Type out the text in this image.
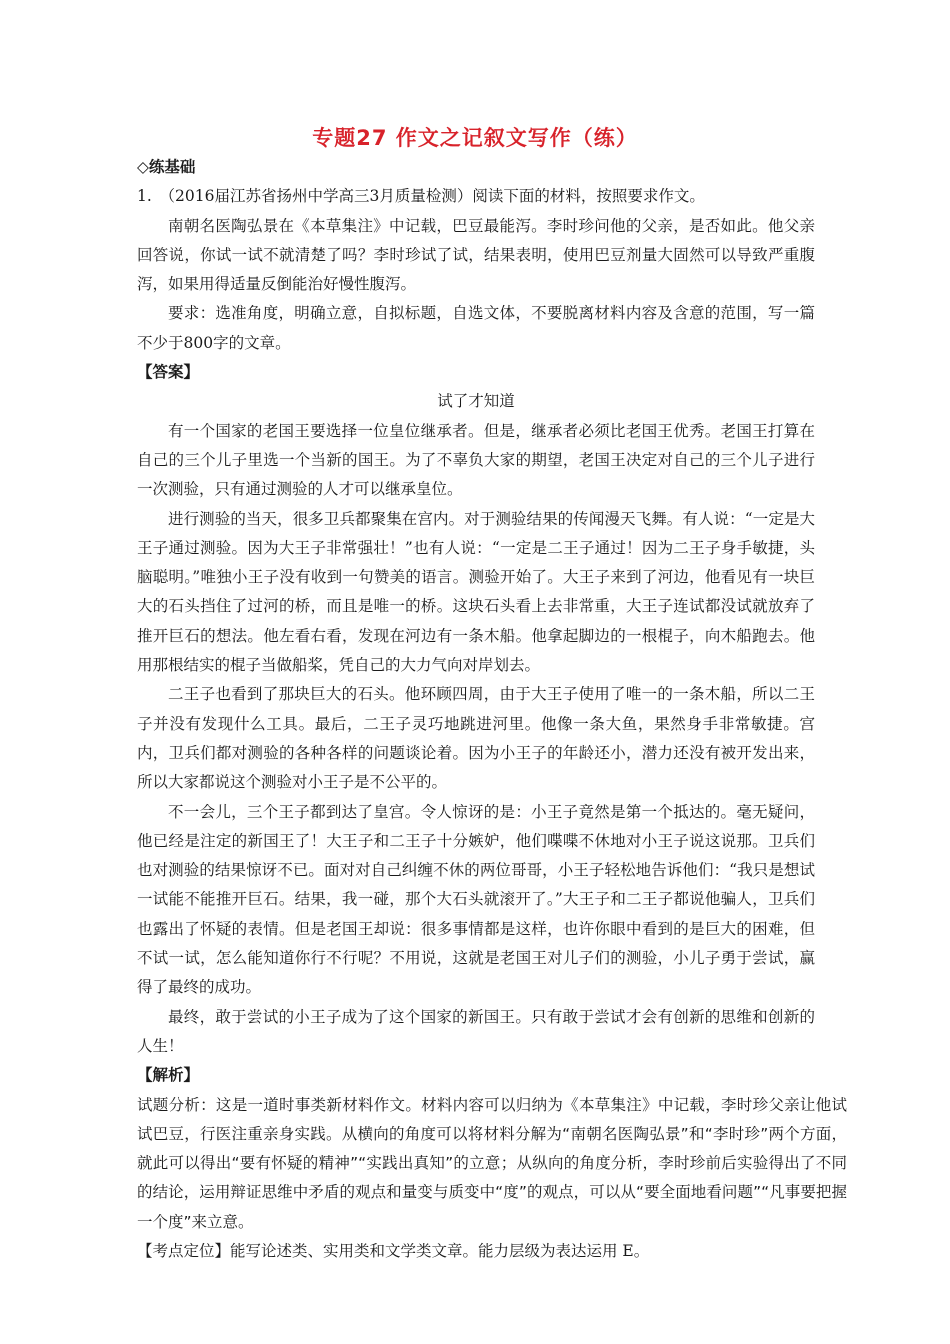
专题27 作文之记叙文写作（练）

◇练基础

1.　（2016届江苏省扬州中学高三3月质量检测）阅读下面的材料，按照要求作文。

南朝名医陶弘景在《本草集注》中记载，巴豆最能泻。李时珍问他的父亲，是否如此。他父亲回答说，你试一试不就清楚了吗？李时珍试了试，结果表明，使用巴豆剂量大固然可以导致严重腹泻，如果用得适量反倒能治好慢性腹泻。

要求：选准角度，明确立意，自拟标题，自选文体，不要脱离材料内容及含意的范围，写一篇不少于800字的文章。

【答案】

试了才知道

有一个国家的老国王要选择一位皇位继承者。但是，继承者必须比老国王优秀。老国王打算在自己的三个儿子里选一个当新的国王。为了不辜负大家的期望，老国王决定对自己的三个儿子进行一次测验，只有通过测验的人才可以继承皇位。

进行测验的当天，很多卫兵都聚集在宫内。对于测验结果的传闻漫天飞舞。有人说：“一定是大王子通过测验。因为大王子非常强壮！”也有人说：“一定是二王子通过！因为二王子身手敏捷，头脑聪明。”唯独小王子没有收到一句赞美的语言。测验开始了。大王子来到了河边，他看见有一块巨大的石头挡住了过河的桥，而且是唯一的桥。这块石头看上去非常重，大王子连试都没试就放弃了推开巨石的想法。他左看右看，发现在河边有一条木船。他拿起脚边的一根棍子，向木船跑去。他用那根结实的棍子当做船桨，凭自己的大力气向对岸划去。

二王子也看到了那块巨大的石头。他环顾四周，由于大王子使用了唯一的一条木船，所以二王子并没有发现什么工具。最后，二王子灵巧地跳进河里。他像一条大鱼，果然身手非常敏捷。宫内，卫兵们都对测验的各种各样的问题谈论着。因为小王子的年龄还小，潜力还没有被开发出来，所以大家都说这个测验对小王子是不公平的。

不一会儿，三个王子都到达了皇宫。令人惊讶的是：小王子竟然是第一个抵达的。毫无疑问，他已经是注定的新国王了！大王子和二王子十分嫉妒，他们喋喋不休地对小王子说这说那。卫兵们也对测验的结果惊讶不已。面对对自己纠缠不休的两位哥哥，小王子轻松地告诉他们：“我只是想试一试能不能推开巨石。结果，我一碰，那个大石头就滚开了。”大王子和二王子都说他骗人，卫兵们也露出了怀疑的表情。但是老国王却说：很多事情都是这样，也许你眼中看到的是巨大的困难，但不试一试，怎么能知道你行不行呢？不用说，这就是老国王对儿子们的测验，小儿子勇于尝试，赢得了最终的成功。

最终，敢于尝试的小王子成为了这个国家的新国王。只有敢于尝试才会有创新的思维和创新的人生！

【解析】

试题分析：这是一道时事类新材料作文。材料内容可以归纳为《本草集注》中记载，李时珍父亲让他试试巴豆，行医注重亲身实践。从横向的角度可以将材料分解为“南朝名医陶弘景”和“李时珍”两个方面，就此可以得出“要有怀疑的精神”“实践出真知”的立意；从纵向的角度分析，李时珍前后实验得出了不同的结论，运用辩证思维中矛盾的观点和量变与质变中“度”的观点，可以从“要全面地看问题”“凡事要把握一个度”来立意。

【考点定位】能写论述类、实用类和文学类文章。能力层级为表达运用 E。
